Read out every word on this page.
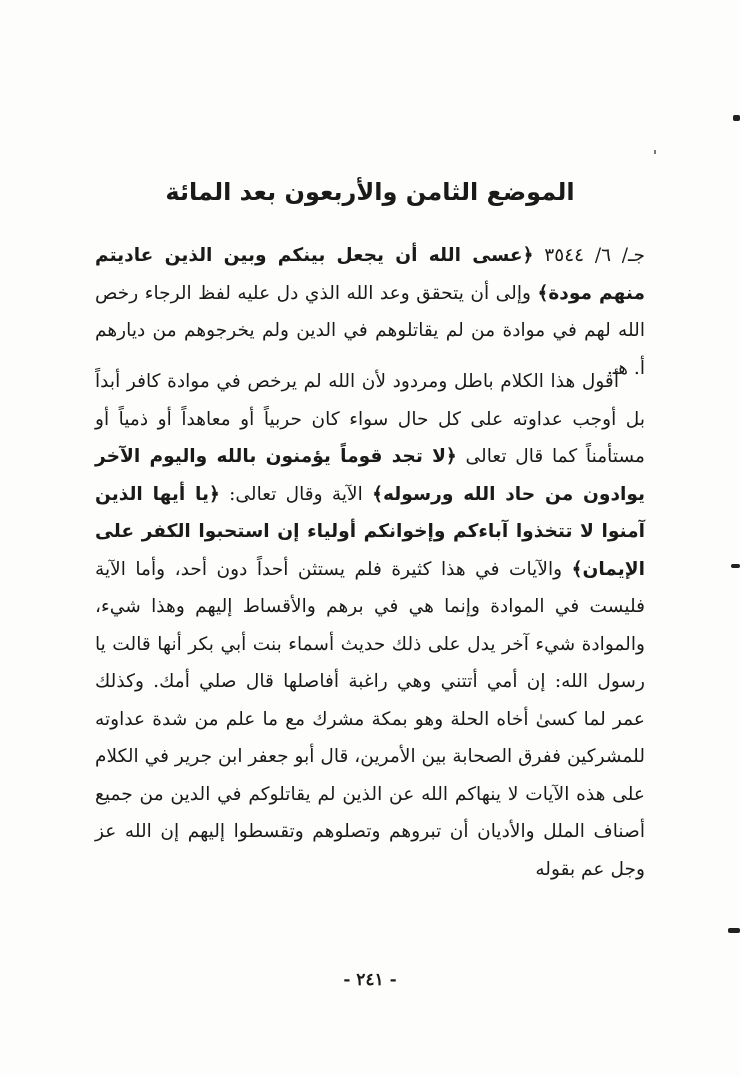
الموضع الثامن والأربعون بعد المائة
جـ/ ٦/ ٣٥٤٤ ﴿عسى الله أن يجعل بينكم وبين الذين عاديتم منهم مودة﴾ وإلى أن يتحقق وعد الله الذي دل عليه لفظ الرجاء رخص الله لهم في موادة من لم يقاتلوهم في الدين ولم يخرجوهم من ديارهم أ. هـ.
أقول هذا الكلام باطل ومردود لأن الله لم يرخص في موادة كافر أبداً بل أوجب عداوته على كل حال سواء كان حربياً أو معاهداً أو ذمياً أو مستأمناً كما قال تعالى ﴿لا تجد قوماً يؤمنون بالله واليوم الآخر يوادون من حاد الله ورسوله﴾ الآية وقال تعالى: ﴿يا أيها الذين آمنوا لا تتخذوا آباءكم وإخوانكم أولياء إن استحبوا الكفر على الإيمان﴾ والآيات في هذا كثيرة فلم يستثن أحداً دون أحد، وأما الآية فليست في الموادة وإنما هي في برهم والأقساط إليهم وهذا شيء، والموادة شيء آخر يدل على ذلك حديث أسماء بنت أبي بكر أنها قالت يا رسول الله: إن أمي أتتني وهي راغبة أفاصلها قال صلي أمك. وكذلك عمر لما كسىٰ أخاه الحلة وهو بمكة مشرك مع ما علم من شدة عداوته للمشركين ففرق الصحابة بين الأمرين، قال أبو جعفر ابن جرير في الكلام على هذه الآيات لا ينهاكم الله عن الذين لم يقاتلوكم في الدين من جميع أصناف الملل والأديان أن تبروهم وتصلوهم وتقسطوا إليهم إن الله عز وجل عم بقوله
- ٢٤١ -
